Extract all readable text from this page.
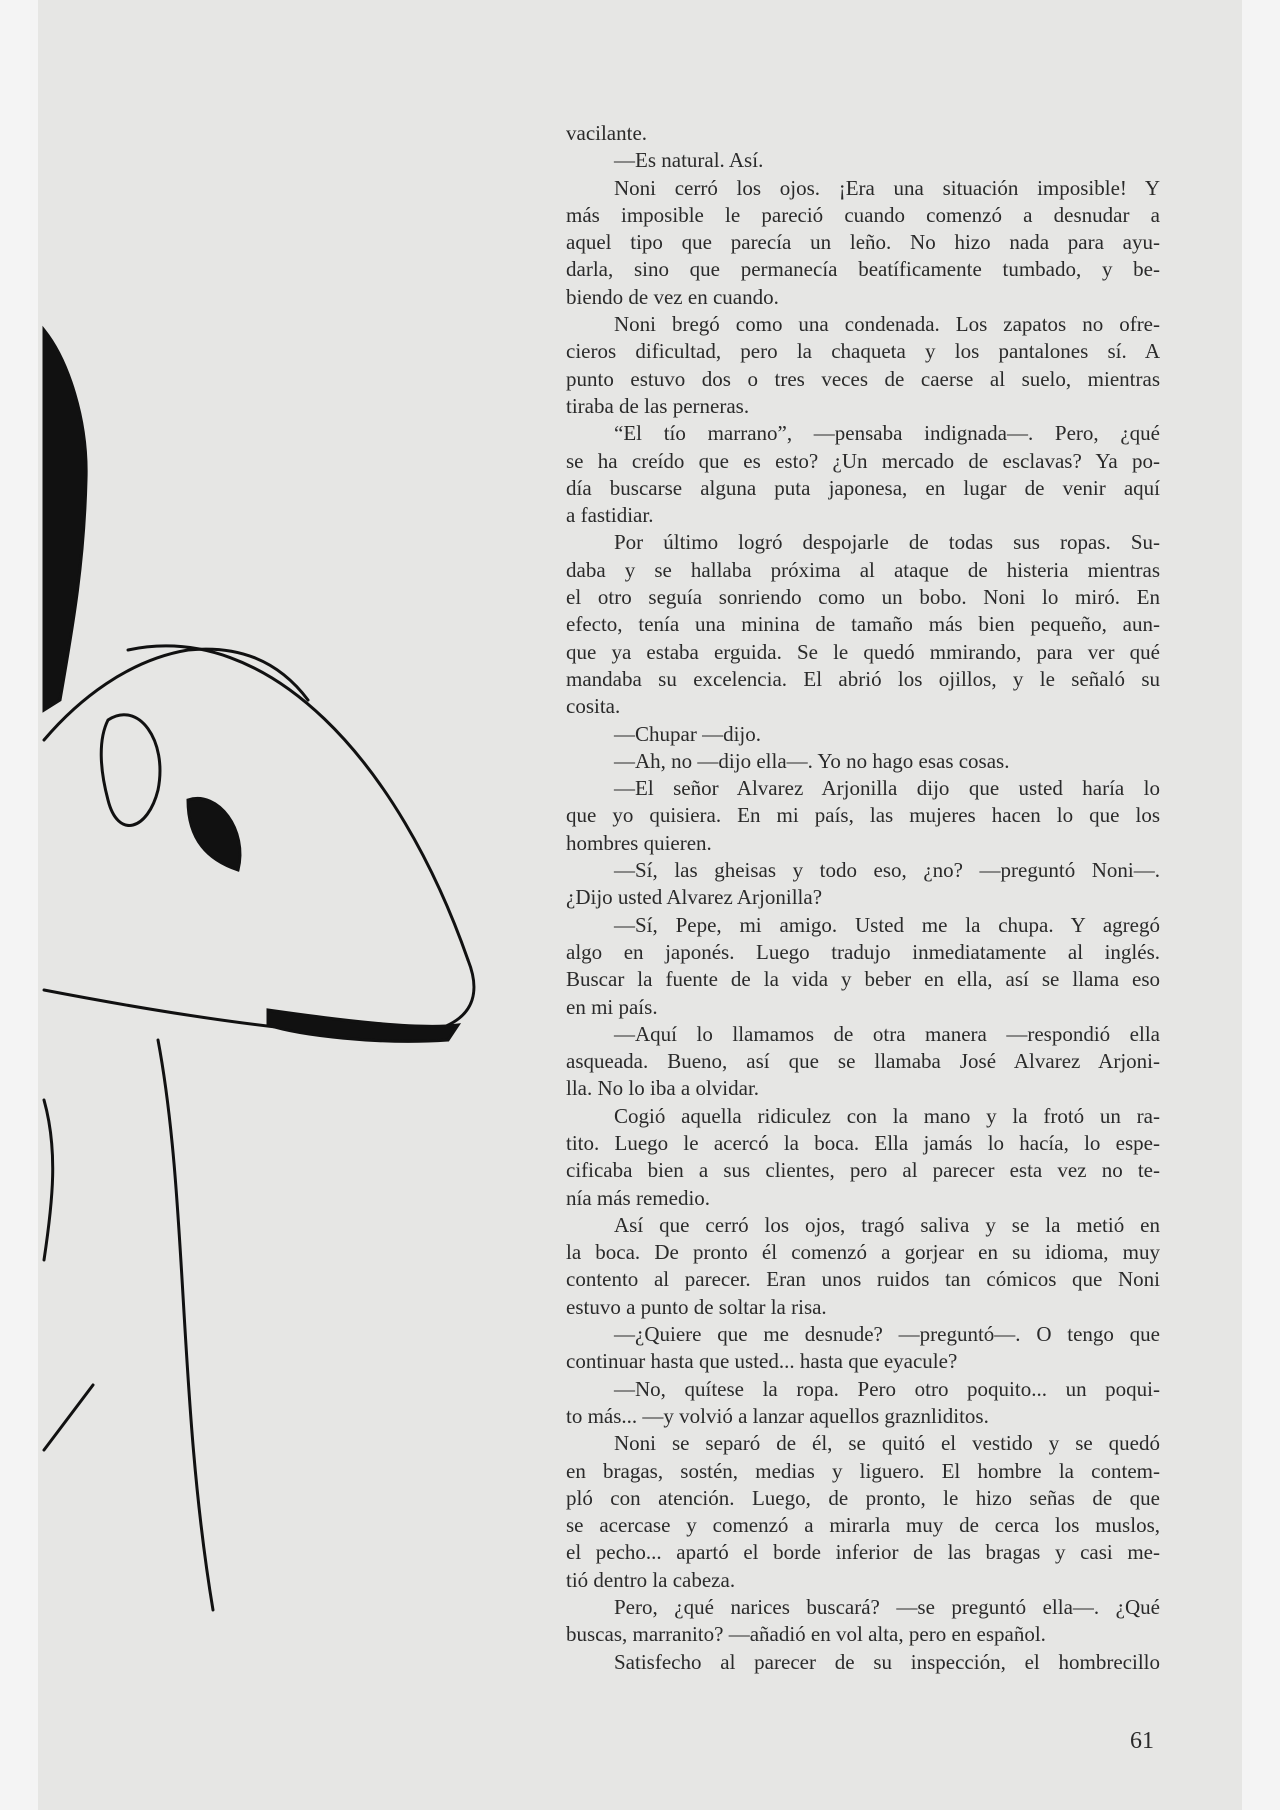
vacilante.
—Es natural. Así.
Noni cerró los ojos. ¡Era una situación imposible! Y
más imposible le pareció cuando comenzó a desnudar a
aquel tipo que parecía un leño. No hizo nada para ayu-
darla, sino que permanecía beatíficamente tumbado, y be-
biendo de vez en cuando.
Noni bregó como una condenada. Los zapatos no ofre-
cieros dificultad, pero la chaqueta y los pantalones sí. A
punto estuvo dos o tres veces de caerse al suelo, mientras
tiraba de las perneras.
“El tío marrano”, —pensaba indignada—. Pero, ¿qué
se ha creído que es esto? ¿Un mercado de esclavas? Ya po-
día buscarse alguna puta japonesa, en lugar de venir aquí
a fastidiar.
Por último logró despojarle de todas sus ropas. Su-
daba y se hallaba próxima al ataque de histeria mientras
el otro seguía sonriendo como un bobo. Noni lo miró. En
efecto, tenía una minina de tamaño más bien pequeño, aun-
que ya estaba erguida. Se le quedó mmirando, para ver qué
mandaba su excelencia. El abrió los ojillos, y le señaló su
cosita.
—Chupar —dijo.
—Ah, no —dijo ella—. Yo no hago esas cosas.
—El señor Alvarez Arjonilla dijo que usted haría lo
que yo quisiera. En mi país, las mujeres hacen lo que los
hombres quieren.
—Sí, las gheisas y todo eso, ¿no? —preguntó Noni—.
¿Dijo usted Alvarez Arjonilla?
—Sí, Pepe, mi amigo. Usted me la chupa. Y agregó
algo en japonés. Luego tradujo inmediatamente al inglés.
Buscar la fuente de la vida y beber en ella, así se llama eso
en mi país.
—Aquí lo llamamos de otra manera —respondió ella
asqueada. Bueno, así que se llamaba José Alvarez Arjoni-
lla. No lo iba a olvidar.
Cogió aquella ridiculez con la mano y la frotó un ra-
tito. Luego le acercó la boca. Ella jamás lo hacía, lo espe-
cificaba bien a sus clientes, pero al parecer esta vez no te-
nía más remedio.
Así que cerró los ojos, tragó saliva y se la metió en
la boca. De pronto él comenzó a gorjear en su idioma, muy
contento al parecer. Eran unos ruidos tan cómicos que Noni
estuvo a punto de soltar la risa.
—¿Quiere que me desnude? —preguntó—. O tengo que
continuar hasta que usted... hasta que eyacule?
—No, quítese la ropa. Pero otro poquito... un poqui-
to más... —y volvió a lanzar aquellos graznliditos.
Noni se separó de él, se quitó el vestido y se quedó
en bragas, sostén, medias y liguero. El hombre la contem-
pló con atención. Luego, de pronto, le hizo señas de que
se acercase y comenzó a mirarla muy de cerca los muslos,
el pecho... apartó el borde inferior de las bragas y casi me-
tió dentro la cabeza.
Pero, ¿qué narices buscará? —se preguntó ella—. ¿Qué
buscas, marranito? —añadió en vol alta, pero en español.
Satisfecho al parecer de su inspección, el hombrecillo
61
